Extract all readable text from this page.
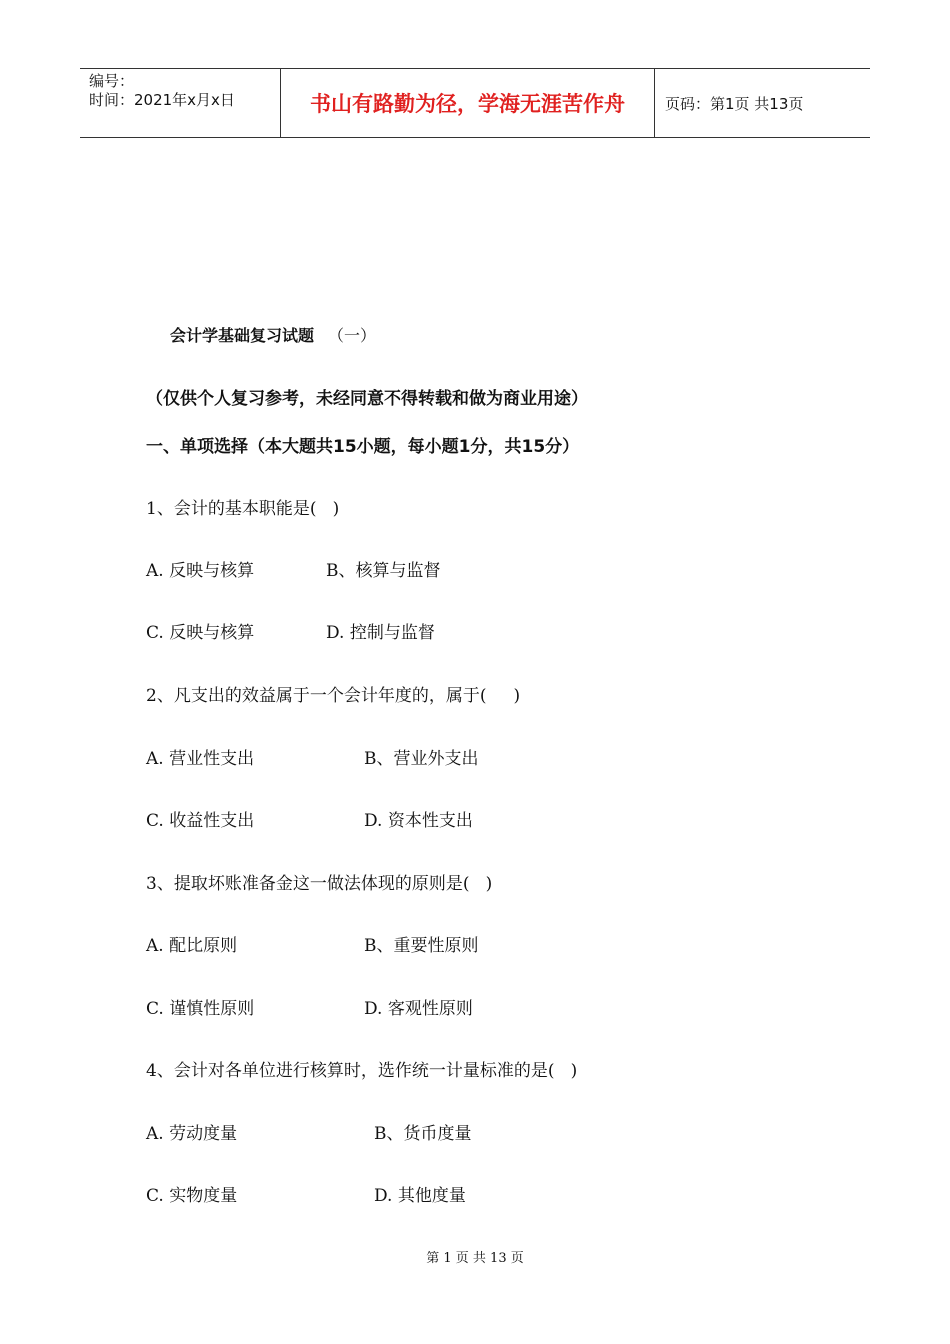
编号：
时间：2021年x月x日	书山有路勤为径，学海无涯苦作舟	页码：第1页 共13页
会计学基础复习试题 （一）
（仅供个人复习参考，未经同意不得转载和做为商业用途）
一、单项选择（本大题共15小题，每小题1分，共15分）
1、会计的基本职能是(   )
A. 反映与核算	B、核算与监督
C. 反映与核算	D. 控制与监督
2、凡支出的效益属于一个会计年度的，属于(     )
A. 营业性支出	B、营业外支出
C. 收益性支出	D. 资本性支出
3、提取坏账准备金这一做法体现的原则是(   )
A. 配比原则	B、重要性原则
C. 谨慎性原则	D. 客观性原则
4、会计对各单位进行核算时，选作统一计量标准的是(   )
A. 劳动度量	B、货币度量
C. 实物度量	D. 其他度量
第 1 页 共 13 页
